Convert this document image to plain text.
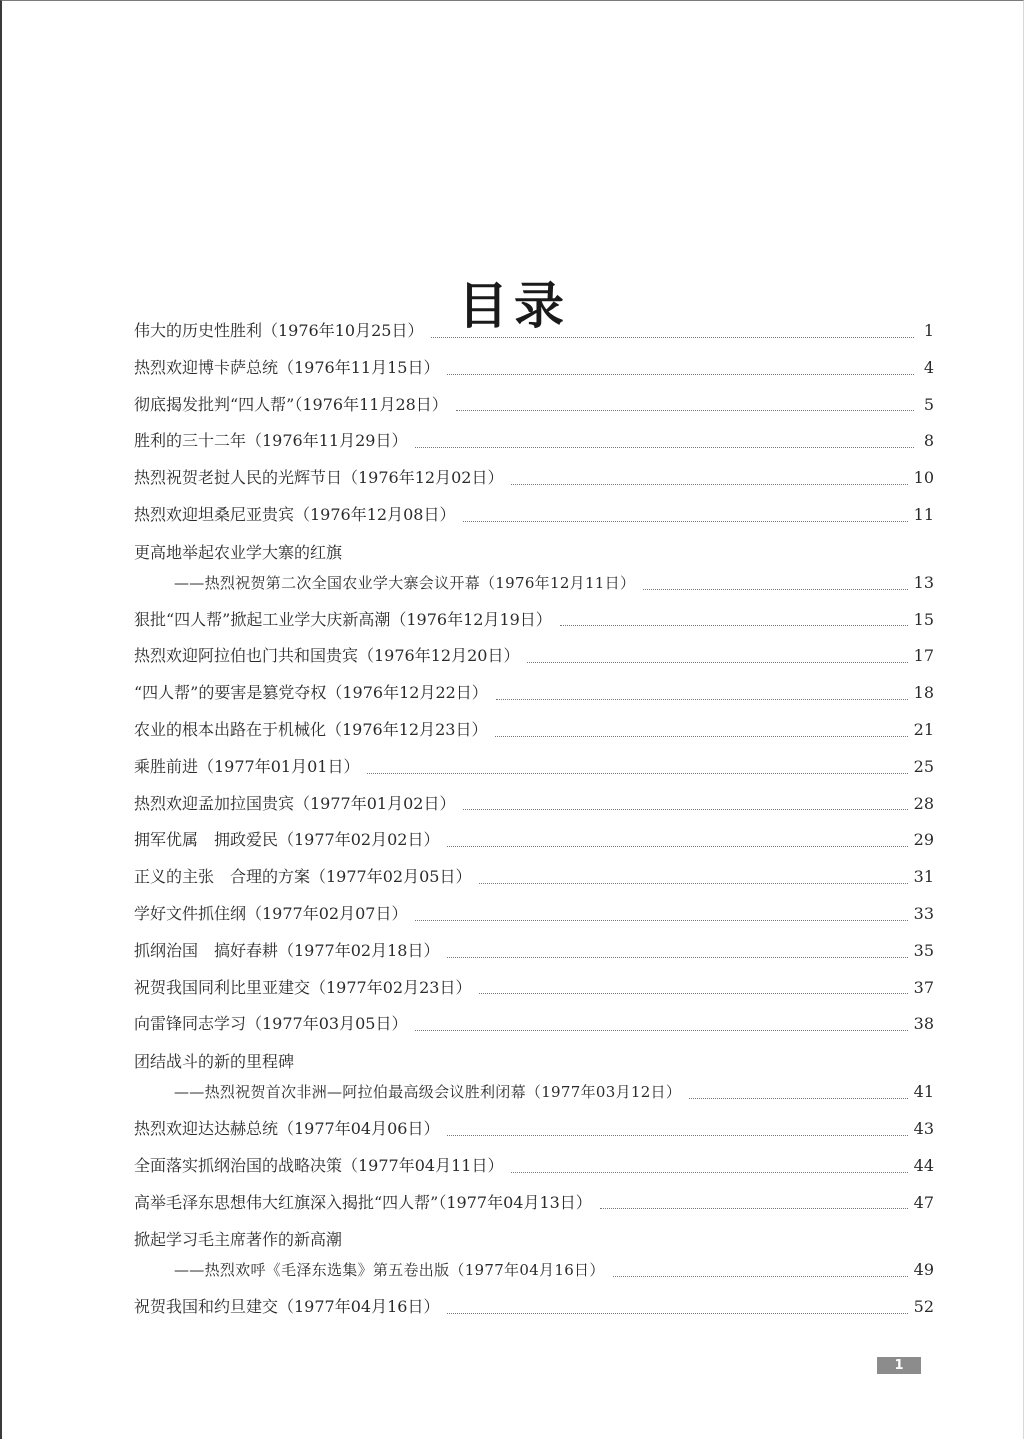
目录
伟大的历史性胜利（1976年10月25日）	1
热烈欢迎博卡萨总统（1976年11月15日）	4
彻底揭发批判“四人帮”（1976年11月28日）	5
胜利的三十二年（1976年11月29日）	8
热烈祝贺老挝人民的光辉节日（1976年12月02日）	10
热烈欢迎坦桑尼亚贵宾（1976年12月08日）	11
更高地举起农业学大寨的红旗
——热烈祝贺第二次全国农业学大寨会议开幕（1976年12月11日）	13
狠批“四人帮”掀起工业学大庆新高潮（1976年12月19日）	15
热烈欢迎阿拉伯也门共和国贵宾（1976年12月20日）	17
“四人帮”的要害是篡党夺权（1976年12月22日）	18
农业的根本出路在于机械化（1976年12月23日）	21
乘胜前进（1977年01月01日）	25
热烈欢迎孟加拉国贵宾（1977年01月02日）	28
拥军优属　拥政爱民（1977年02月02日）	29
正义的主张　合理的方案（1977年02月05日）	31
学好文件抓住纲（1977年02月07日）	33
抓纲治国　搞好春耕（1977年02月18日）	35
祝贺我国同利比里亚建交（1977年02月23日）	37
向雷锋同志学习（1977年03月05日）	38
团结战斗的新的里程碑
——热烈祝贺首次非洲—阿拉伯最高级会议胜利闭幕（1977年03月12日）	41
热烈欢迎达达赫总统（1977年04月06日）	43
全面落实抓纲治国的战略决策（1977年04月11日）	44
高举毛泽东思想伟大红旗深入揭批“四人帮”（1977年04月13日）	47
掀起学习毛主席著作的新高潮
——热烈欢呼《毛泽东选集》第五卷出版（1977年04月16日）	49
祝贺我国和约旦建交（1977年04月16日）	52
1
